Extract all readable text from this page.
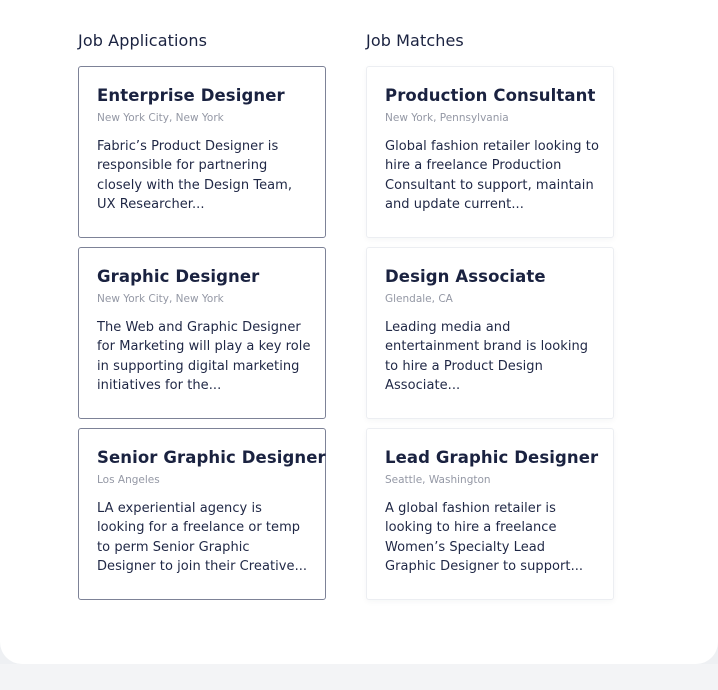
Job Applications
Enterprise Designer
New York City, New York
Fabric’s Product Designer is responsible for partnering closely with the Design Team, UX Researcher...
Graphic Designer
New York City, New York
The Web and Graphic Designer for Marketing will play a key role in supporting digital marketing initiatives for the...
Senior Graphic Designer
Los Angeles
LA experiential agency is looking for a freelance or temp to perm Senior Graphic Designer to join their Creative...
Job Matches
Production Consultant
New York, Pennsylvania
Global fashion retailer looking to hire a freelance Production Consultant to support, maintain and update current...
Design Associate
Glendale, CA
Leading media and entertainment brand is looking to hire a Product Design Associate...
Lead Graphic Designer
Seattle, Washington
A global fashion retailer is looking to hire a freelance Women’s Specialty Lead Graphic Designer to support...
